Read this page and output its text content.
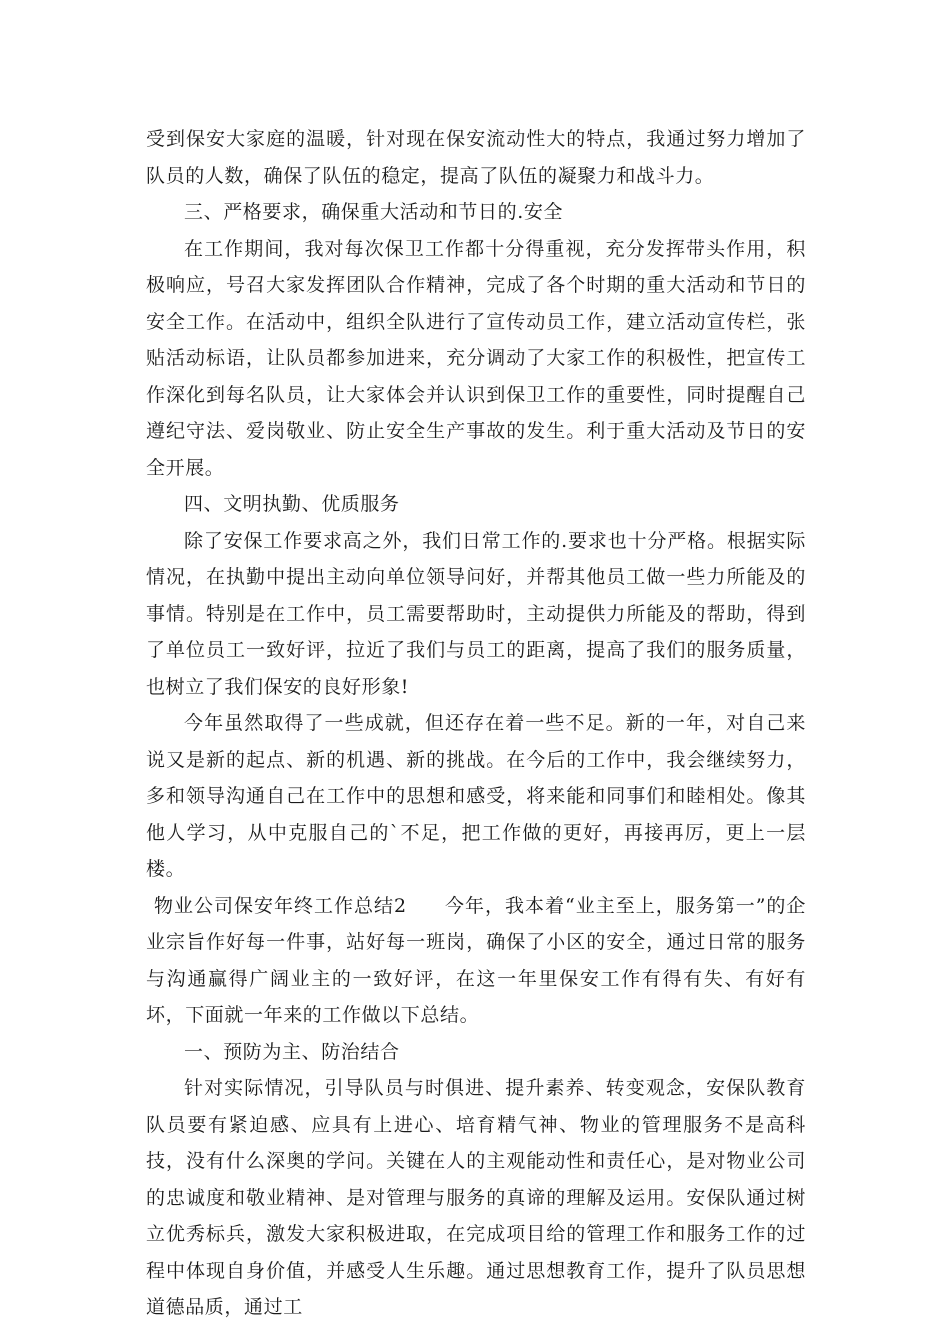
受到保安大家庭的温暖，针对现在保安流动性大的特点，我通过努力增加了队员的人数，确保了队伍的稳定，提高了队伍的凝聚力和战斗力。

三、严格要求，确保重大活动和节日的.安全

在工作期间，我对每次保卫工作都十分得重视，充分发挥带头作用，积极响应，号召大家发挥团队合作精神，完成了各个时期的重大活动和节日的安全工作。在活动中，组织全队进行了宣传动员工作，建立活动宣传栏，张贴活动标语，让队员都参加进来，充分调动了大家工作的积极性，把宣传工作深化到每名队员，让大家体会并认识到保卫工作的重要性，同时提醒自己遵纪守法、爱岗敬业、防止安全生产事故的发生。利于重大活动及节日的安全开展。

四、文明执勤、优质服务

除了安保工作要求高之外，我们日常工作的.要求也十分严格。根据实际情况，在执勤中提出主动向单位领导问好，并帮其他员工做一些力所能及的事情。特别是在工作中，员工需要帮助时，主动提供力所能及的帮助，得到了单位员工一致好评，拉近了我们与员工的距离，提高了我们的服务质量，也树立了我们保安的良好形象!

今年虽然取得了一些成就，但还存在着一些不足。新的一年，对自己来说又是新的起点、新的机遇、新的挑战。在今后的工作中，我会继续努力，多和领导沟通自己在工作中的思想和感受，将来能和同事们和睦相处。像其他人学习，从中克服自己的`不足，把工作做的更好，再接再厉，更上一层楼。

物业公司保安年终工作总结2 今年，我本着“业主至上，服务第一”的企业宗旨作好每一件事，站好每一班岗，确保了小区的安全，通过日常的服务与沟通赢得广阔业主的一致好评，在这一年里保安工作有得有失、有好有坏，下面就一年来的工作做以下总结。

一、预防为主、防治结合

针对实际情况，引导队员与时俱进、提升素养、转变观念，安保队教育队员要有紧迫感、应具有上进心、培育精气神、物业的管理服务不是高科技，没有什么深奥的学问。关键在人的主观能动性和责任心，是对物业公司的忠诚度和敬业精神、是对管理与服务的真谛的理解及运用。安保队通过树立优秀标兵，激发大家积极进取，在完成项目给的管理工作和服务工作的过程中体现自身价值，并感受人生乐趣。通过思想教育工作，提升了队员思想道德品质，通过工
